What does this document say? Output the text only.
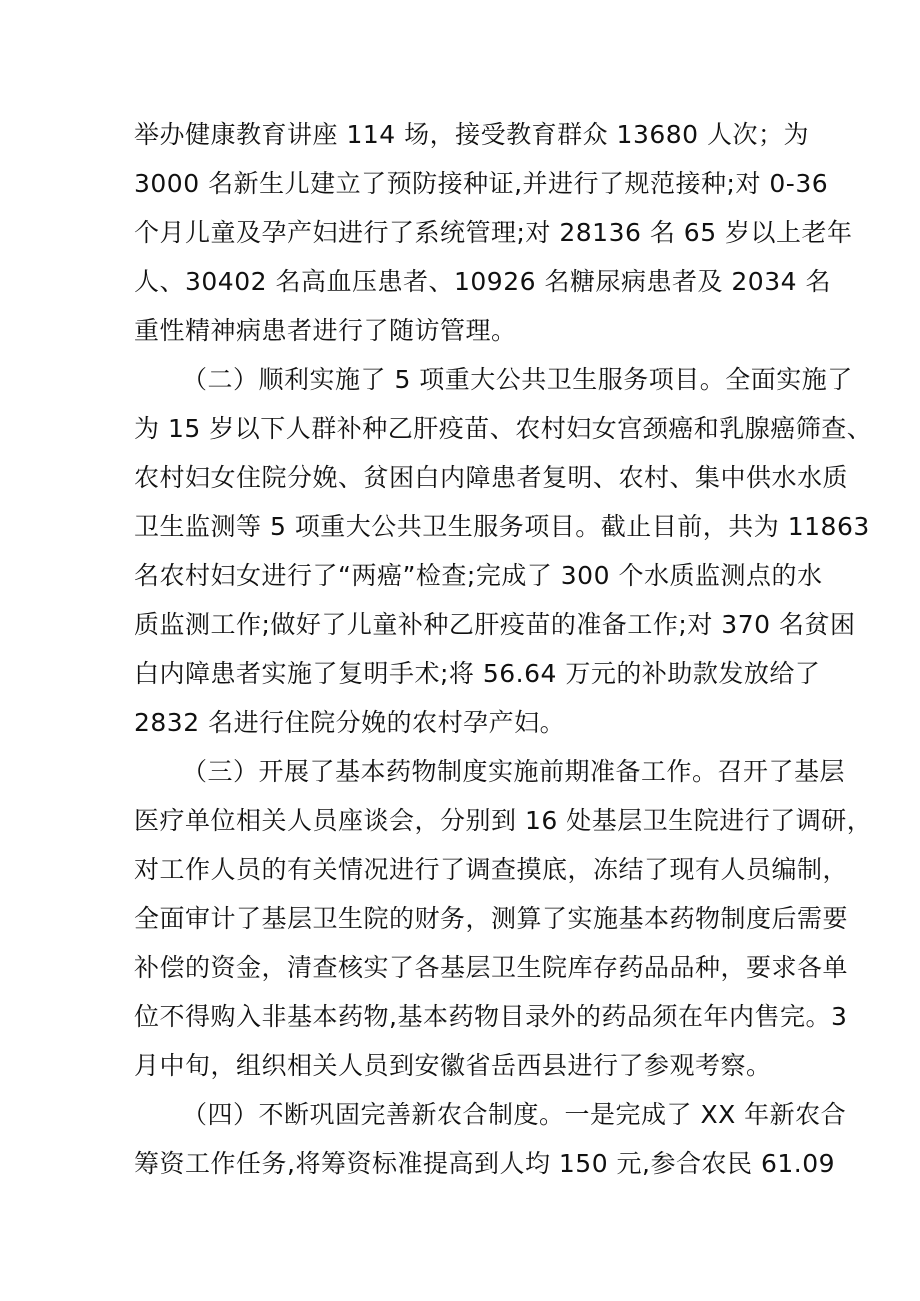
举办健康教育讲座 114 场，接受教育群众 13680 人次；为
3000 名新生儿建立了预防接种证,并进行了规范接种;对 0-36
个月儿童及孕产妇进行了系统管理;对 28136 名 65 岁以上老年
人、30402 名高血压患者、10926 名糖尿病患者及 2034 名
重性精神病患者进行了随访管理。
（二）顺利实施了 5 项重大公共卫生服务项目。全面实施了
为 15 岁以下人群补种乙肝疫苗、农村妇女宫颈癌和乳腺癌筛查、
农村妇女住院分娩、贫困白内障患者复明、农村、集中供水水质
卫生监测等 5 项重大公共卫生服务项目。截止目前，共为 11863
名农村妇女进行了“两癌”检查;完成了 300 个水质监测点的水
质监测工作;做好了儿童补种乙肝疫苗的准备工作;对 370 名贫困
白内障患者实施了复明手术;将 56.64 万元的补助款发放给了
2832 名进行住院分娩的农村孕产妇。
（三）开展了基本药物制度实施前期准备工作。召开了基层
医疗单位相关人员座谈会，分别到 16 处基层卫生院进行了调研，
对工作人员的有关情况进行了调查摸底，冻结了现有人员编制，
全面审计了基层卫生院的财务，测算了实施基本药物制度后需要
补偿的资金，清查核实了各基层卫生院库存药品品种，要求各单
位不得购入非基本药物,基本药物目录外的药品须在年内售完。3
月中旬，组织相关人员到安徽省岳西县进行了参观考察。
（四）不断巩固完善新农合制度。一是完成了 XX 年新农合
筹资工作任务,将筹资标准提高到人均 150 元,参合农民 61.09
